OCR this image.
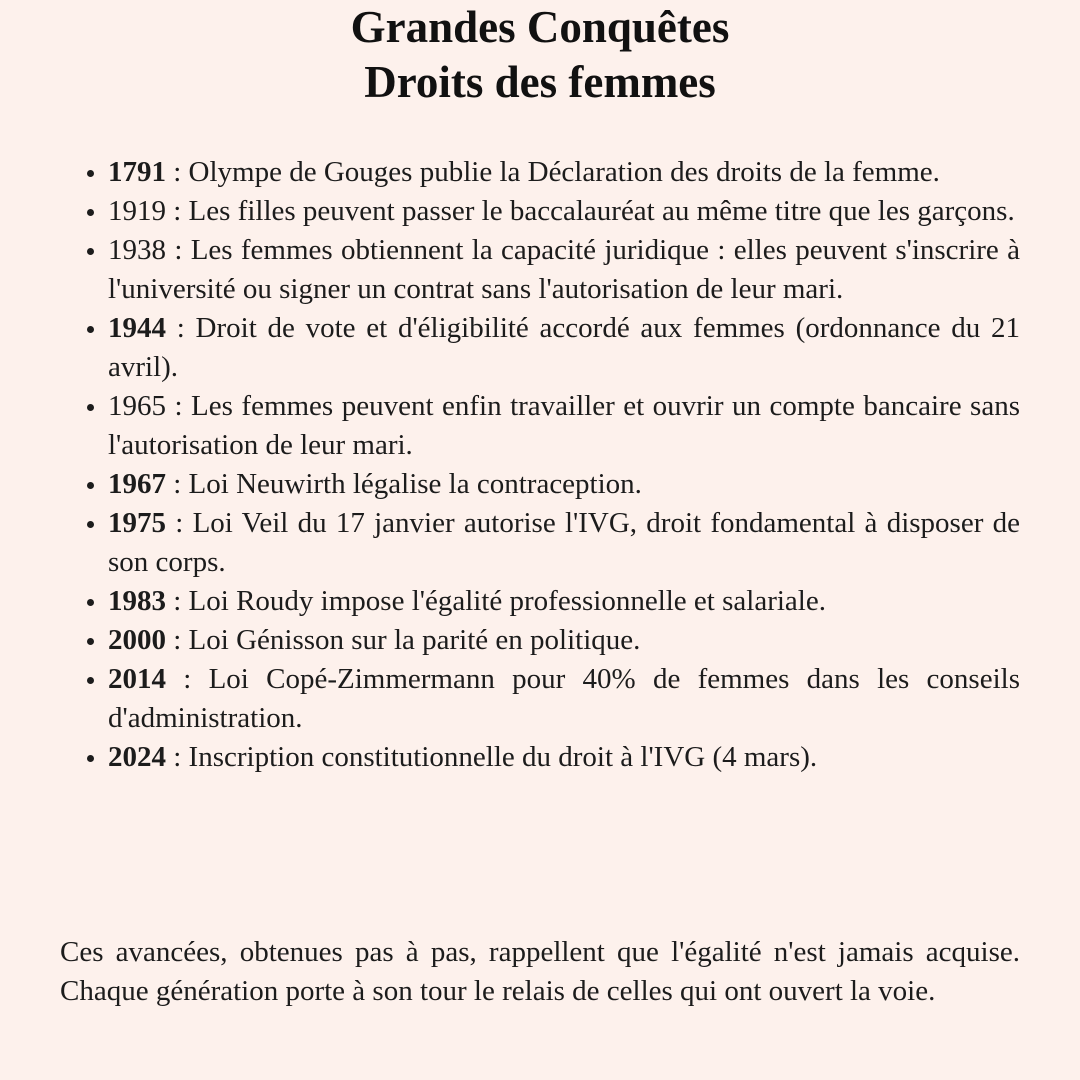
Grandes Conquêtes
Droits des femmes
1791 : Olympe de Gouges publie la Déclaration des droits de la femme.
1919 : Les filles peuvent passer le baccalauréat au même titre que les garçons.
1938 : Les femmes obtiennent la capacité juridique : elles peuvent s'inscrire à l'université ou signer un contrat sans l'autorisation de leur mari.
1944 : Droit de vote et d'éligibilité accordé aux femmes (ordonnance du 21 avril).
1965 : Les femmes peuvent enfin travailler et ouvrir un compte bancaire sans l'autorisation de leur mari.
1967 : Loi Neuwirth légalise la contraception.
1975 : Loi Veil du 17 janvier autorise l'IVG, droit fondamental à disposer de son corps.
1983 : Loi Roudy impose l'égalité professionnelle et salariale.
2000 : Loi Génisson sur la parité en politique.
2014 : Loi Copé-Zimmermann pour 40% de femmes dans les conseils d'administration.
2024 : Inscription constitutionnelle du droit à l'IVG (4 mars).

Ces avancées, obtenues pas à pas, rappellent que l'égalité n'est jamais acquise. Chaque génération porte à son tour le relais de celles qui ont ouvert la voie.
